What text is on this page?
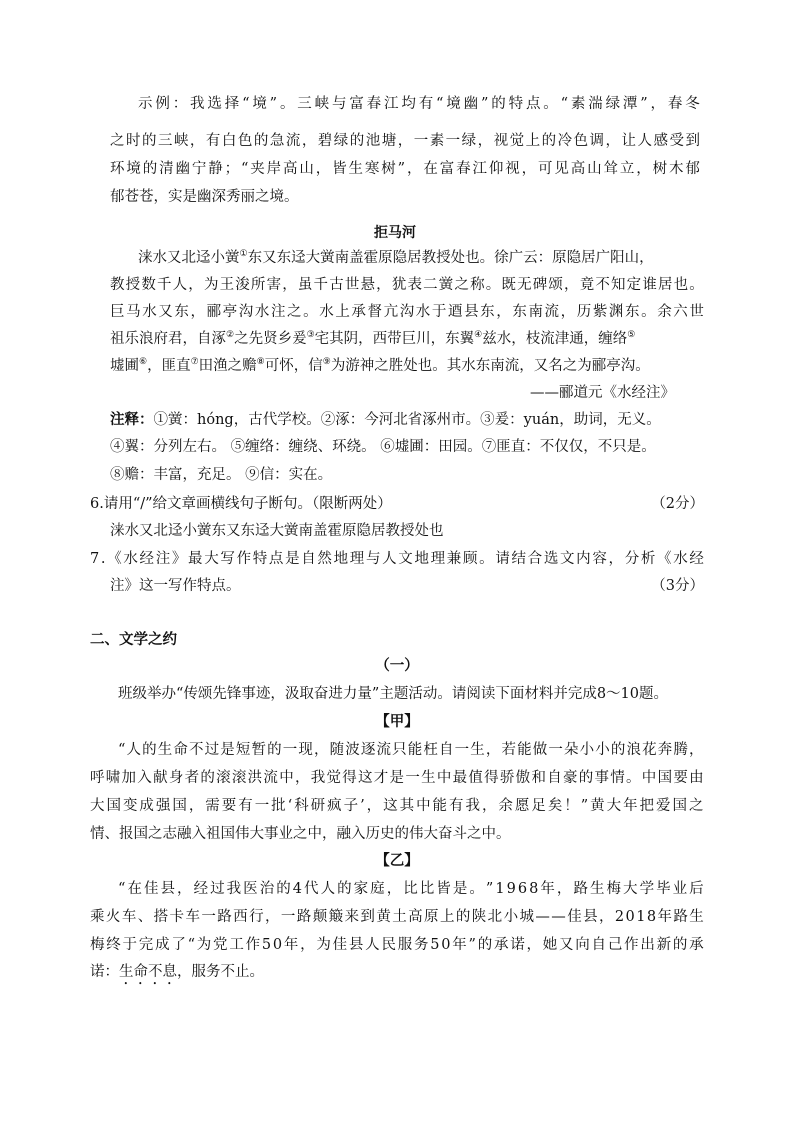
示 例 ： 我 选 择 “ 境 ” 。 三 峡 与 富 春 江 均 有 “ 境 幽 ” 的 特 点 。 “ 素 湍 绿 潭 ” ， 春 冬
之 时 的 三 峡 ， 有 白 色 的 急 流 ， 碧 绿 的 池 塘 ， 一 素 一 绿 ， 视 觉 上 的 冷 色 调 ， 让 人 感 受 到
环 境 的 清 幽 宁 静 ； “ 夹 岸 高 山 ， 皆 生 寒 树 ” ， 在 富 春 江 仰 视 ， 可 见 高 山 耸 立 ， 树 木 郁
郁苍苍，实是幽深秀丽之境。
拒马河
涞水又北迳小黉①东又东迳大黉南盖霍原隐居教授处也。徐广云：原隐居广阳山，
教 授 数 千 人 ， 为 王 浚 所 害 ， 虽 千 古 世 悬 ， 犹 表 二 黉 之 称 。 既 无 碑 颂 ， 竟 不 知 定 谁 居 也 。
巨 马 水 又 东 ， 郦 亭 沟 水 注 之 。 水 上 承 督 亢 沟 水 于 逎 县 东 ， 东 南 流 ， 历 紫 渊 东 。 余 六 世
祖乐浪府君，自涿②之先贤乡爰③宅其阴，西带巨川，东翼④兹水，枝流津通，缠络⑤
墟圃⑥，匪直⑦田渔之赡⑧可怀，信⑨为游神之胜处也。其水东南流，又名之为郦亭沟。
——郦道元《水经注》
注释：①黉：hóng，古代学校。②涿：今河北省涿州市。③爰：yuán，助词，无义。
④翼：分列左右。 ⑤缠络：缠绕、环绕。 ⑥墟圃：田园。⑦匪直：不仅仅，不只是。
⑧赡：丰富，充足。 ⑨信：实在。
6.请用“/”给文章画横线句子断句。（限断两处）	（2分）
涞水又北迳小黉东又东迳大黉南盖霍原隐居教授处也
7 . 《 水 经 注 》 最 大 写 作 特 点 是 自 然 地 理 与 人 文 地 理 兼 顾 。 请 结 合 选 文 内 容 ， 分 析 《 水 经
注》这一写作特点。	（3分）
二、文学之约
（一）
班级举办“传颂先锋事迹，汲取奋进力量”主题活动。请阅读下面材料并完成8～10题。
【甲】
“ 人 的 生 命 不 过 是 短 暂 的 一 现 ， 随 波 逐 流 只 能 枉 自 一 生 ， 若 能 做 一 朵 小 小 的 浪 花 奔 腾 ，
呼 啸 加 入 献 身 者 的 滚 滚 洪 流 中 ， 我 觉 得 这 才 是 一 生 中 最 值 得 骄 傲 和 自 豪 的 事 情 。 中 国 要 由
大 国 变 成 强 国 ， 需 要 有 一 批 ‘ 科 研 疯 子 ’ ， 这 其 中 能 有 我 ， 余 愿 足 矣 ！ ” 黄 大 年 把 爱 国 之
情、报国之志融入祖国伟大事业之中，融入历史的伟大奋斗之中。
【乙】
“ 在 佳 县 ， 经 过 我 医 治 的 4 代 人 的 家 庭 ， 比 比 皆 是 。 ” 1 9 6 8 年 ， 路 生 梅 大 学 毕 业 后
乘 火 车 、 搭 卡 车 一 路 西 行 ， 一 路 颠 簸 来 到 黄 土 高 原 上 的 陕 北 小 城 — — 佳 县 ， 2 0 1 8 年 路 生
梅 终 于 完 成 了 “ 为 党 工 作 5 0 年 ， 为 佳 县 人 民 服 务 5 0 年 ” 的 承 诺 ， 她 又 向 自 己 作 出 新 的 承
诺：生命不息，服务不止。
